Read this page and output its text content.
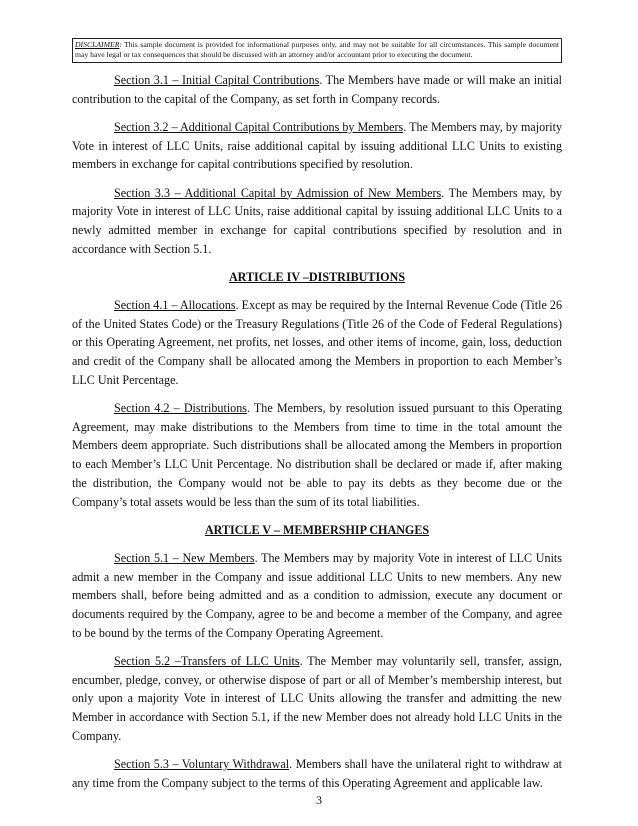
DISCLAIMER: This sample document is provided for informational purposes only, and may not be suitable for all circumstances. This sample document may have legal or tax consequences that should be discussed with an attorney and/or accountant prior to executing the document.

Section 3.1 – Initial Capital Contributions. The Members have made or will make an initial contribution to the capital of the Company, as set forth in Company records.

Section 3.2 – Additional Capital Contributions by Members. The Members may, by majority Vote in interest of LLC Units, raise additional capital by issuing additional LLC Units to existing members in exchange for capital contributions specified by resolution.

Section 3.3 – Additional Capital by Admission of New Members. The Members may, by majority Vote in interest of LLC Units, raise additional capital by issuing additional LLC Units to a newly admitted member in exchange for capital contributions specified by resolution and in accordance with Section 5.1.

ARTICLE IV –DISTRIBUTIONS

Section 4.1 – Allocations. Except as may be required by the Internal Revenue Code (Title 26 of the United States Code) or the Treasury Regulations (Title 26 of the Code of Federal Regulations) or this Operating Agreement, net profits, net losses, and other items of income, gain, loss, deduction and credit of the Company shall be allocated among the Members in proportion to each Member’s LLC Unit Percentage.

Section 4.2 – Distributions. The Members, by resolution issued pursuant to this Operating Agreement, may make distributions to the Members from time to time in the total amount the Members deem appropriate. Such distributions shall be allocated among the Members in proportion to each Member’s LLC Unit Percentage. No distribution shall be declared or made if, after making the distribution, the Company would not be able to pay its debts as they become due or the Company’s total assets would be less than the sum of its total liabilities.

ARTICLE V – MEMBERSHIP CHANGES

Section 5.1 – New Members. The Members may by majority Vote in interest of LLC Units admit a new member in the Company and issue additional LLC Units to new members. Any new members shall, before being admitted and as a condition to admission, execute any document or documents required by the Company, agree to be and become a member of the Company, and agree to be bound by the terms of the Company Operating Agreement.

Section 5.2 –Transfers of LLC Units. The Member may voluntarily sell, transfer, assign, encumber, pledge, convey, or otherwise dispose of part or all of Member’s membership interest, but only upon a majority Vote in interest of LLC Units allowing the transfer and admitting the new Member in accordance with Section 5.1, if the new Member does not already hold LLC Units in the Company.

Section 5.3 – Voluntary Withdrawal. Members shall have the unilateral right to withdraw at any time from the Company subject to the terms of this Operating Agreement and applicable law.

3
